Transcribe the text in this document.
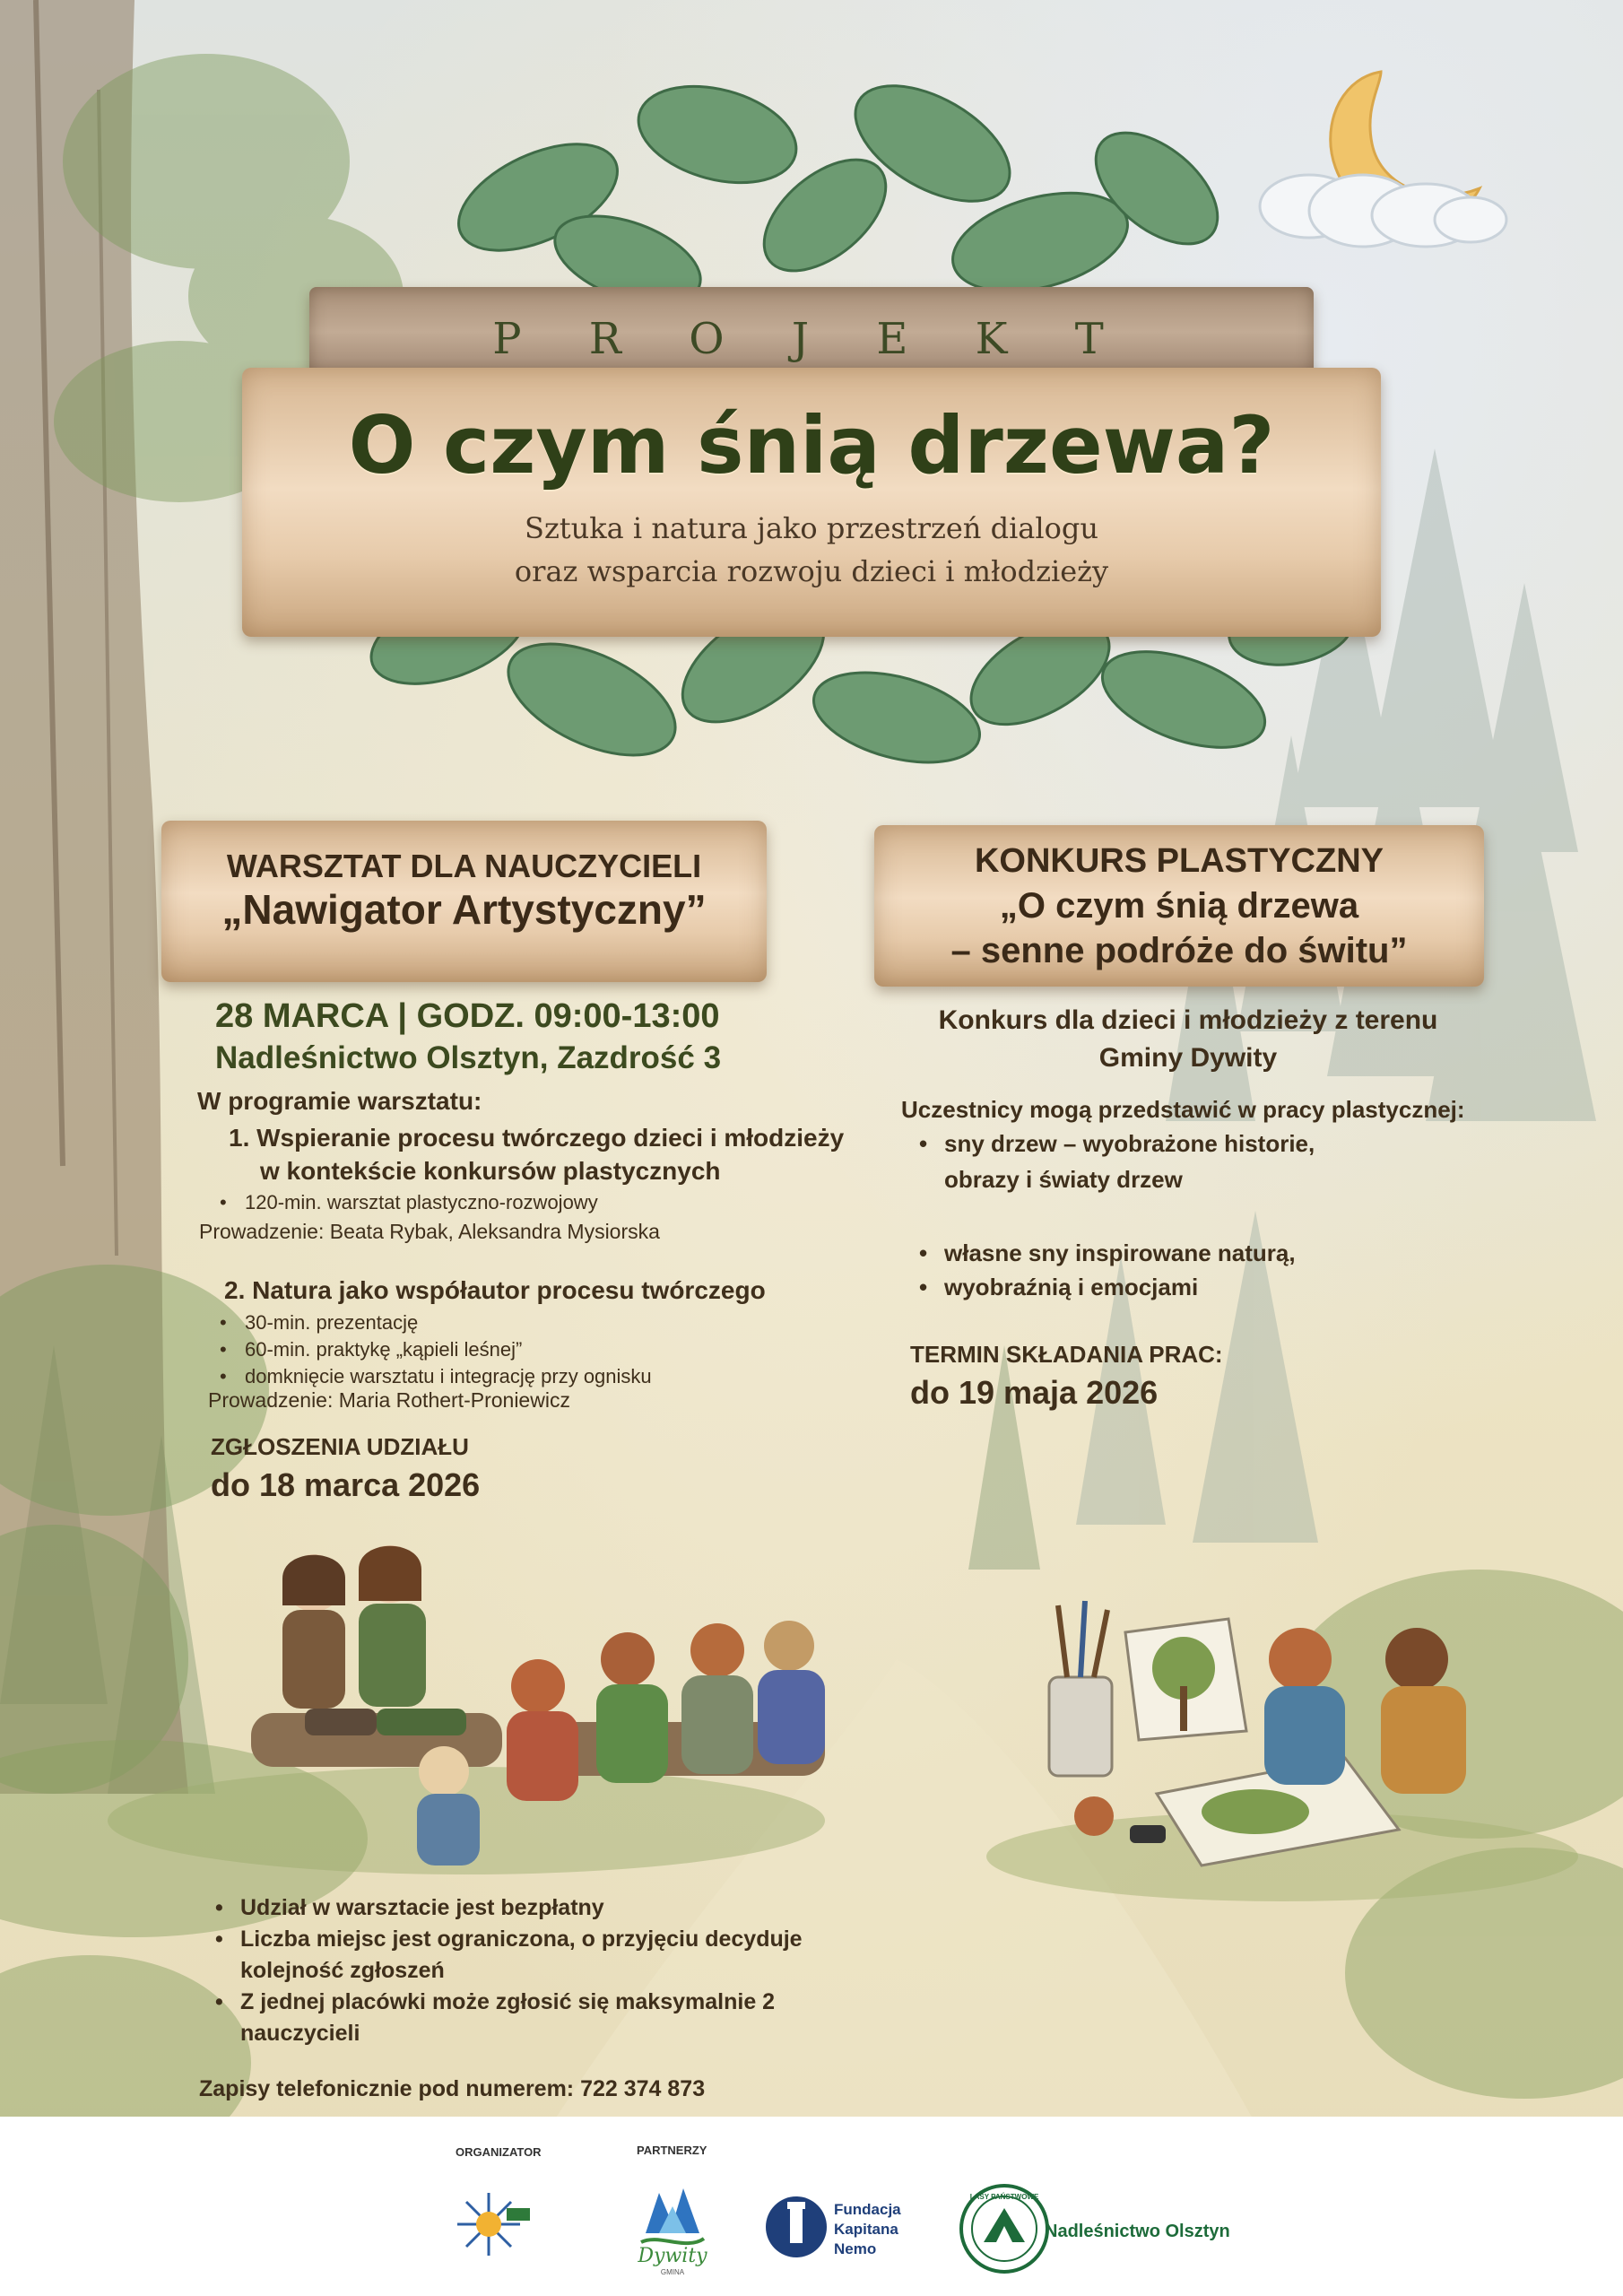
P R O J E K T
O czym śnią drzewa?
Sztuka i natura jako przestrzeń dialogu
oraz wsparcia rozwoju dzieci i młodzieży
WARSZTAT DLA NAUCZYCIELI
„Nawigator Artystyczny”
KONKURS PLASTYCZNY
„O czym śnią drzewa
– senne podróże do świtu”
28 MARCA | GODZ. 09:00-13:00
Nadleśnictwo Olsztyn, Zazdrość 3
W programie warsztatu:
1. Wspieranie procesu twórczego dzieci i młodzieży
w kontekście konkursów plastycznych
• 120-min. warsztat plastyczno-rozwojowy
Prowadzenie: Beata Rybak, Aleksandra Mysiorska
2. Natura jako współautor procesu twórczego
• 30-min. prezentację
• 60-min. praktykę „kąpieli leśnej”
• domknięcie warsztatu i integrację przy ognisku
Prowadzenie: Maria Rothert-Proniewicz
ZGŁOSZENIA UDZIAŁU
do 18 marca 2026
Konkurs dla dzieci i młodzieży z terenu
Gminy Dywity
Uczestnicy mogą przedstawić w pracy plastycznej:
• sny drzew – wyobrażone historie,
obrazy i światy drzew
• własne sny inspirowane naturą,
• wyobraźnią i emocjami
TERMIN SKŁADANIA PRAC:
do 19 maja 2026
• Udział w warsztacie jest bezpłatny
• Liczba miejsc jest ograniczona, o przyjęciu decyduje kolejność zgłoszeń
• Z jednej placówki może zgłosić się maksymalnie 2 nauczycieli
Zapisy telefonicznie pod numerem: 722 374 873
ORGANIZATOR	PARTNERZY
Dywity
GMINA
Fundacja
Kapitana
Nemo
LASY PAŃSTWOWE
Nadleśnictwo Olsztyn
